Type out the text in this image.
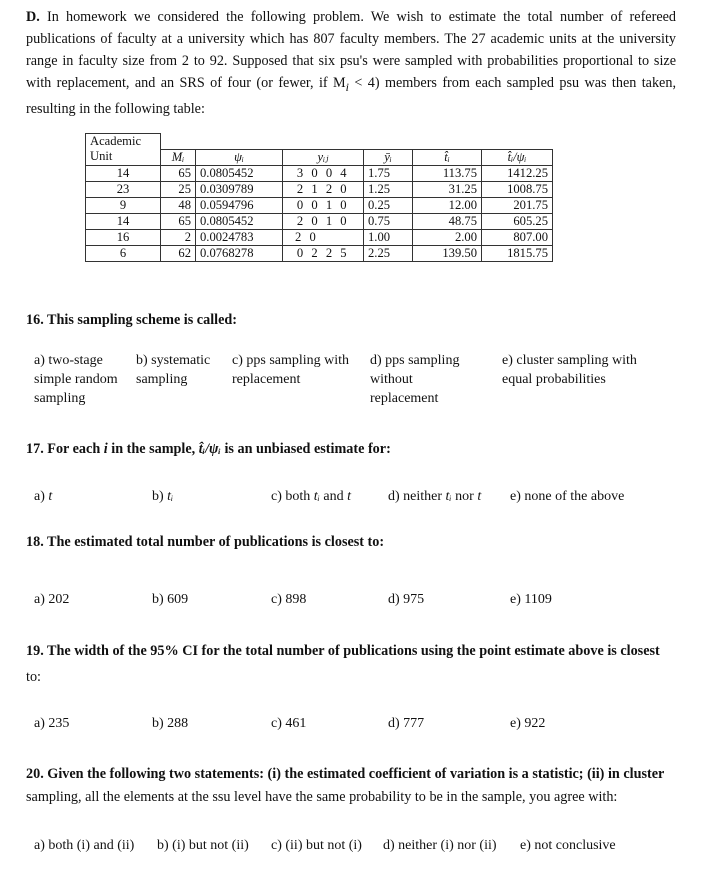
D. In homework we considered the following problem. We wish to estimate the total number of refereed publications of faculty at a university which has 807 faculty members. The 27 academic units at the university range in faculty size from 2 to 92. Supposed that six psu's were sampled with probabilities proportional to size with replacement, and an SRS of four (or fewer, if $M_i < 4$) members from each sampled psu was then taken, resulting in the following table:
Academic						
Unit	Mᵢ	ψᵢ	yᵢⱼ	ȳᵢ	t̂ᵢ	t̂ᵢ/ψᵢ
14	65	0.0805452	3 0 0 4	1.75	113.75	1412.25
23	25	0.0309789	2 1 2 0	1.25	31.25	1008.75
9	48	0.0594796	0 0 1 0	0.25	12.00	201.75
14	65	0.0805452	2 0 1 0	0.75	48.75	605.25
16	2	0.0024783	2 0	1.00	2.00	807.00
6	62	0.0768278	0 2 2 5	2.25	139.50	1815.75
16. This sampling scheme is called:
a) two-stage
simple random
sampling
b) systematic
sampling
c) pps sampling with
replacement
d) pps sampling
without
replacement
e) cluster sampling with
equal probabilities
17. For each i in the sample, t̂ᵢ/ψᵢ is an unbiased estimate for:
a) t	b) tᵢ	c) both tᵢ and t	d) neither tᵢ nor t e) none of the above
18. The estimated total number of publications is closest to:
a) 202	b) 609	c) 898	d) 975	e) 1109
19. The width of the 95% CI for the total number of publications using the point estimate above is closest
to:
a) 235	b) 288	c) 461	d) 777	e) 922
20. Given the following two statements: (i) the estimated coefficient of variation is a statistic; (ii) in cluster
sampling, all the elements at the ssu level have the same probability to be in the sample, you agree with:
a) both (i) and (ii) b) (i) but not (ii) c) (ii) but not (i) d) neither (i) nor (ii) e) not conclusive
